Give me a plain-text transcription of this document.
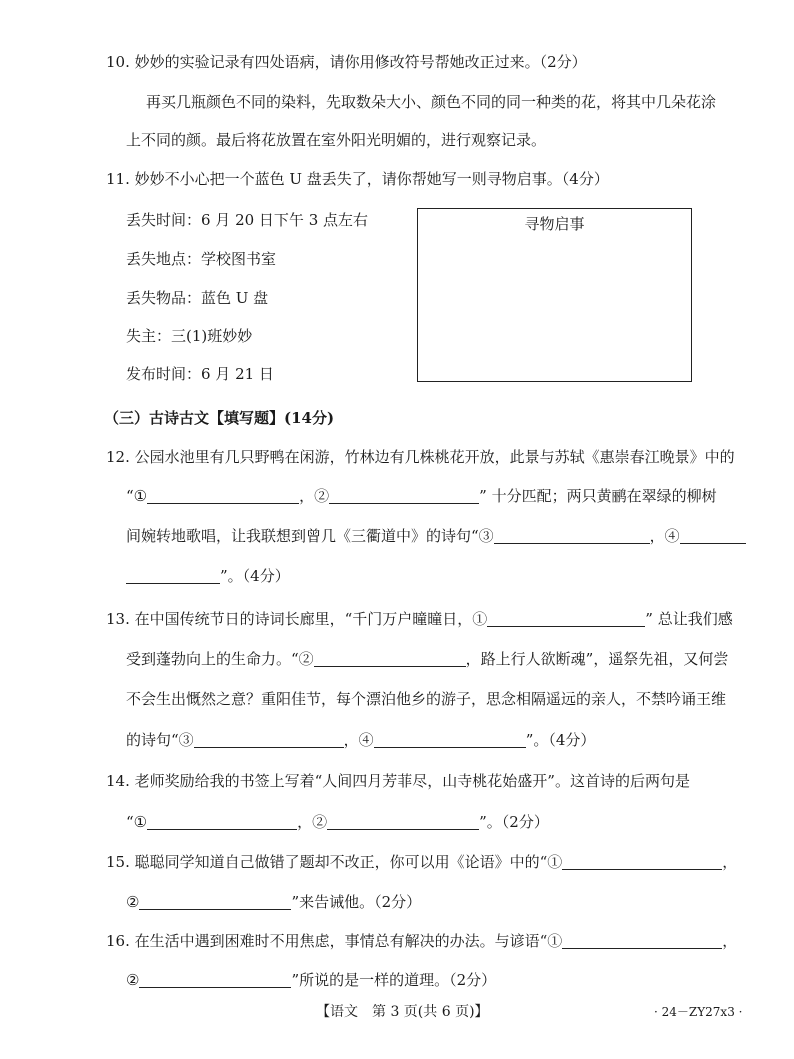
10. 妙妙的实验记录有四处语病，请你用修改符号帮她改正过来。（2分）
再买几瓶颜色不同的染料，先取数朵大小、颜色不同的同一种类的花，将其中几朵花涂
上不同的颜。最后将花放置在室外阳光明媚的，进行观察记录。
11. 妙妙不小心把一个蓝色 U 盘丢失了，请你帮她写一则寻物启事。（4分）
丢失时间：6 月 20 日下午 3 点左右
丢失地点：学校图书室
丢失物品：蓝色 U 盘
失主：三(1)班妙妙
发布时间：6 月 21 日
寻物启事
（三）古诗古文【填写题】(14分)
12. 公园水池里有几只野鸭在闲游，竹林边有几株桃花开放，此景与苏轼《惠崇春江晚景》中的
“①	，②	” 十分匹配；两只黄鹂在翠绿的柳树
间婉转地歌唱，让我联想到曾几《三衢道中》的诗句“③	，④
”。（4分）
13. 在中国传统节日的诗词长廊里，“千门万户曈曈日，①	” 总让我们感
受到蓬勃向上的生命力。“②	，路上行人欲断魂”，遥祭先祖，又何尝
不会生出慨然之意？重阳佳节，每个漂泊他乡的游子，思念相隔遥远的亲人，不禁吟诵王维
的诗句“③	，④	”。（4分）
14. 老师奖励给我的书签上写着“人间四月芳菲尽，山寺桃花始盛开”。这首诗的后两句是
“①	，②	”。（2分）
15. 聪聪同学知道自己做错了题却不改正，你可以用《论语》中的“①	，
②	”来告诫他。（2分）
16. 在生活中遇到困难时不用焦虑，事情总有解决的办法。与谚语“①	，
②	”所说的是一样的道理。（2分）
【语文　第 3 页(共 6 页)】	· 24－ZY27x3 ·
